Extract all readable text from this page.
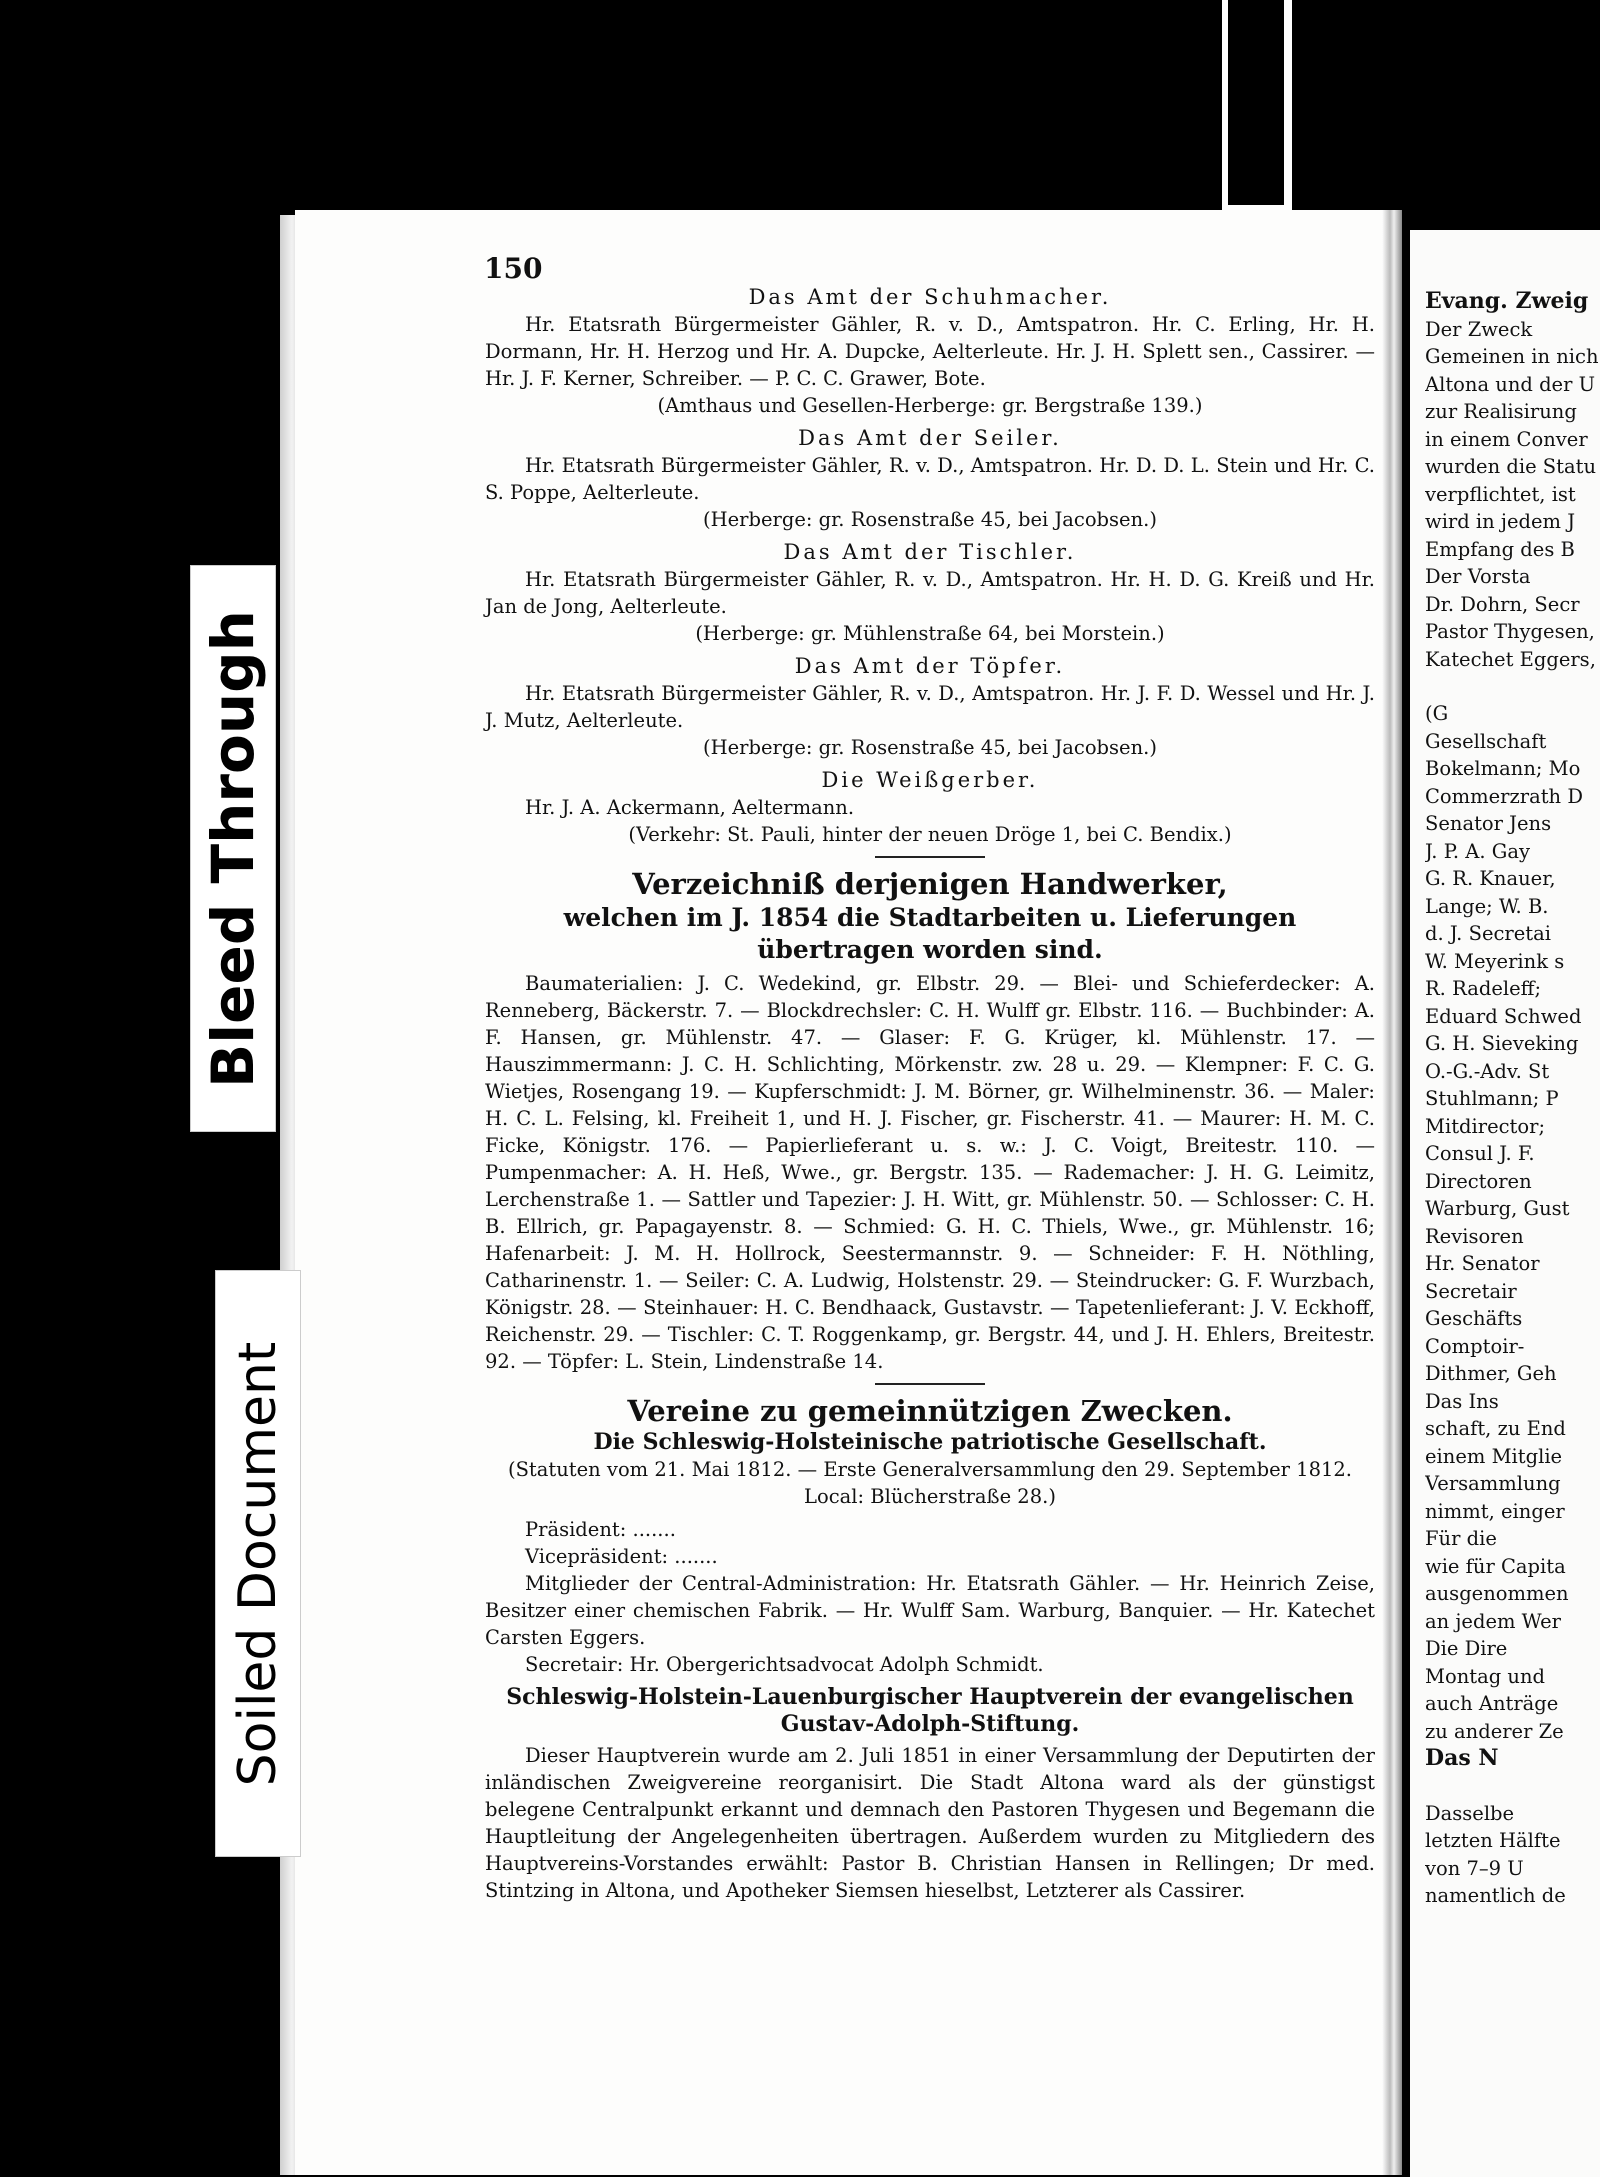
Bleed Through
Soiled Document
150

Das Amt der Schuhmacher.

Hr. Etatsrath Bürgermeister Gähler, R. v. D., Amtspatron. Hr. C. Erling, Hr. H. Dormann, Hr. H. Herzog und Hr. A. Dupcke, Aelterleute. Hr. J. H. Splett sen., Cassirer. — Hr. J. F. Kerner, Schreiber. — P. C. C. Grawer, Bote.

(Amthaus und Gesellen-Herberge: gr. Bergstraße 139.)

Das Amt der Seiler.

Hr. Etatsrath Bürgermeister Gähler, R. v. D., Amtspatron. Hr. D. D. L. Stein und Hr. C. S. Poppe, Aelterleute.

(Herberge: gr. Rosenstraße 45, bei Jacobsen.)

Das Amt der Tischler.

Hr. Etatsrath Bürgermeister Gähler, R. v. D., Amtspatron. Hr. H. D. G. Kreiß und Hr. Jan de Jong, Aelterleute.

(Herberge: gr. Mühlenstraße 64, bei Morstein.)

Das Amt der Töpfer.

Hr. Etatsrath Bürgermeister Gähler, R. v. D., Amtspatron. Hr. J. F. D. Wessel und Hr. J. J. Mutz, Aelterleute.

(Herberge: gr. Rosenstraße 45, bei Jacobsen.)

Die Weißgerber.

Hr. J. A. Ackermann, Aeltermann.

(Verkehr: St. Pauli, hinter der neuen Dröge 1, bei C. Bendix.)

Verzeichniß derjenigen Handwerker,

welchen im J. 1854 die Stadtarbeiten u. Lieferungen übertragen worden sind.

Baumaterialien: J. C. Wedekind, gr. Elbstr. 29. — Blei- und Schieferdecker: A. Renneberg, Bäckerstr. 7. — Blockdrechsler: C. H. Wulff gr. Elbstr. 116. — Buchbinder: A. F. Hansen, gr. Mühlenstr. 47. — Glaser: F. G. Krüger, kl. Mühlenstr. 17. — Hauszimmermann: J. C. H. Schlichting, Mörkenstr. zw. 28 u. 29. — Klempner: F. C. G. Wietjes, Rosengang 19. — Kupferschmidt: J. M. Börner, gr. Wilhelminenstr. 36. — Maler: H. C. L. Felsing, kl. Freiheit 1, und H. J. Fischer, gr. Fischerstr. 41. — Maurer: H. M. C. Ficke, Königstr. 176. — Papierlieferant u. s. w.: J. C. Voigt, Breitestr. 110. — Pumpenmacher: A. H. Heß, Wwe., gr. Bergstr. 135. — Rademacher: J. H. G. Leimitz, Lerchenstraße 1. — Sattler und Tapezier: J. H. Witt, gr. Mühlenstr. 50. — Schlosser: C. H. B. Ellrich, gr. Papagayenstr. 8. — Schmied: G. H. C. Thiels, Wwe., gr. Mühlenstr. 16; Hafenarbeit: J. M. H. Hollrock, Seestermannstr. 9. — Schneider: F. H. Nöthling, Catharinenstr. 1. — Seiler: C. A. Ludwig, Holstenstr. 29. — Steindrucker: G. F. Wurzbach, Königstr. 28. — Steinhauer: H. C. Bendhaack, Gustavstr. — Tapetenlieferant: J. V. Eckhoff, Reichenstr. 29. — Tischler: C. T. Roggenkamp, gr. Bergstr. 44, und J. H. Ehlers, Breitestr. 92. — Töpfer: L. Stein, Lindenstraße 14.

Vereine zu gemeinnützigen Zwecken.

Die Schleswig-Holsteinische patriotische Gesellschaft.

(Statuten vom 21. Mai 1812. — Erste Generalversammlung den 29. September 1812. Local: Blücherstraße 28.)

Präsident: .......

Vicepräsident: .......

Mitglieder der Central-Administration: Hr. Etatsrath Gähler. — Hr. Heinrich Zeise, Besitzer einer chemischen Fabrik. — Hr. Wulff Sam. Warburg, Banquier. — Hr. Katechet Carsten Eggers.

Secretair: Hr. Obergerichtsadvocat Adolph Schmidt.

Schleswig-Holstein-Lauenburgischer Hauptverein der evangelischen Gustav-Adolph-Stiftung.

Dieser Hauptverein wurde am 2. Juli 1851 in einer Versammlung der Deputirten der inländischen Zweigvereine reorganisirt. Die Stadt Altona ward als der günstigst belegene Centralpunkt erkannt und demnach den Pastoren Thygesen und Begemann die Hauptleitung der Angelegenheiten übertragen. Außerdem wurden zu Mitgliedern des Hauptvereins-Vorstandes erwählt: Pastor B. Christian Hansen in Rellingen; Dr med. Stintzing in Altona, und Apotheker Siemsen hieselbst, Letzterer als Cassirer.

Evang. Zweig

Der Zweck

Gemeinen in nich

Altona und der U

zur Realisirung

in einem Conver

wurden die Statu

verpflichtet, ist

wird in jedem J

Empfang des B

Der Vorsta

Dr. Dohrn, Secr

Pastor Thygesen,

Katechet Eggers,

(G

Gesellschaft

Bokelmann; Mo

Commerzrath D

Senator Jens

J. P. A. Gay

G. R. Knauer,

Lange; W. B.

d. J. Secretai

W. Meyerink s

R. Radeleff;

Eduard Schwed

G. H. Sieveking

O.-G.-Adv. St

Stuhlmann; P

Mitdirector;

Consul J. F.

Directoren

Warburg, Gust

Revisoren

Hr. Senator

Secretair

Geschäfts

Comptoir-

Dithmer, Geh

Das Ins

schaft, zu End

einem Mitglie

Versammlung

nimmt, einger

Für die

wie für Capita

ausgenommen

an jedem Wer

Die Dire

Montag und

auch Anträge

zu anderer Ze

Das N

Dasselbe

letzten Hälfte

von 7–9 U

namentlich de
